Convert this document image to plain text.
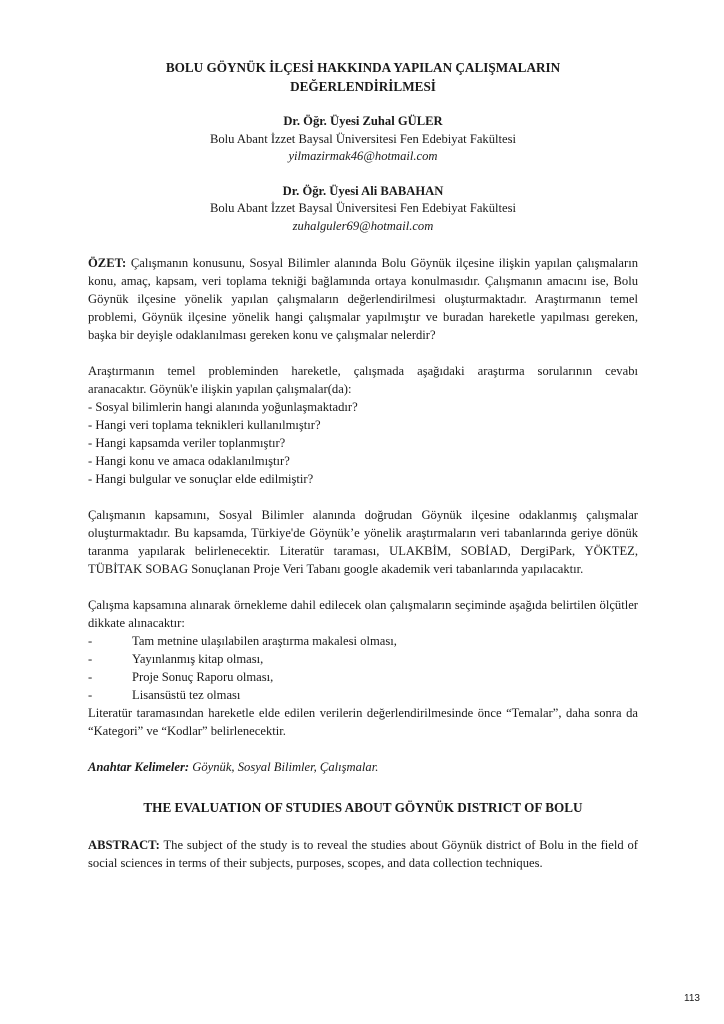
BOLU GÖYNÜK İLÇESİ HAKKINDA YAPILAN ÇALIŞMALARIN
DEĞERLENDİRİLMESİ
Dr. Öğr. Üyesi Zuhal GÜLER
Bolu Abant İzzet Baysal Üniversitesi Fen Edebiyat Fakültesi
yilmazirmak46@hotmail.com
Dr. Öğr. Üyesi Ali BABAHAN
Bolu Abant İzzet Baysal Üniversitesi Fen Edebiyat Fakültesi
zuhalguler69@hotmail.com

ÖZET: Çalışmanın konusunu, Sosyal Bilimler alanında Bolu Göynük ilçesine ilişkin yapılan çalışmaların konu, amaç, kapsam, veri toplama tekniği bağlamında ortaya konulmasıdır. Çalışmanın amacını ise, Bolu Göynük ilçesine yönelik yapılan çalışmaların değerlendirilmesi oluşturmaktadır. Araştırmanın temel problemi, Göynük ilçesine yönelik hangi çalışmalar yapılmıştır ve buradan hareketle yapılması gereken, başka bir deyişle odaklanılması gereken konu ve çalışmalar nelerdir?

Araştırmanın temel probleminden hareketle, çalışmada aşağıdaki araştırma sorularının cevabı

aranacaktır. Göynük'e ilişkin yapılan çalışmalar(da):

- Sosyal bilimlerin hangi alanında yoğunlaşmaktadır?
- Hangi veri toplama teknikleri kullanılmıştır?
- Hangi kapsamda veriler toplanmıştır?
- Hangi konu ve amaca odaklanılmıştır?
- Hangi bulgular ve sonuçlar elde edilmiştir?

Çalışmanın kapsamını, Sosyal Bilimler alanında doğrudan Göynük ilçesine odaklanmış çalışmalar oluşturmaktadır. Bu kapsamda, Türkiye'de Göynük’e yönelik araştırmaların veri tabanlarında geriye dönük taranma yapılarak belirlenecektir. Literatür taraması, ULAKBİM, SOBİAD, DergiPark, YÖKTEZ, TÜBİTAK SOBAG Sonuçlanan Proje Veri Tabanı google akademik veri tabanlarında yapılacaktır.

Çalışma kapsamına alınarak örnekleme dahil edilecek olan çalışmaların seçiminde aşağıda belirtilen ölçütler dikkate alınacaktır:

-	Tam metnine ulaşılabilen araştırma makalesi olması,
-	Yayınlanmış kitap olması,
-	Proje Sonuç Raporu olması,
-	Lisansüstü tez olması

Literatür taramasından hareketle elde edilen verilerin değerlendirilmesinde önce “Temalar”, daha sonra da “Kategori” ve “Kodlar” belirlenecektir.

Anahtar Kelimeler: Göynük, Sosyal Bilimler, Çalışmalar.

THE EVALUATION OF STUDIES ABOUT GÖYNÜK DISTRICT OF BOLU

ABSTRACT: The subject of the study is to reveal the studies about Göynük district of Bolu in the field of social sciences in terms of their subjects, purposes, scopes, and data collection techniques.

113
